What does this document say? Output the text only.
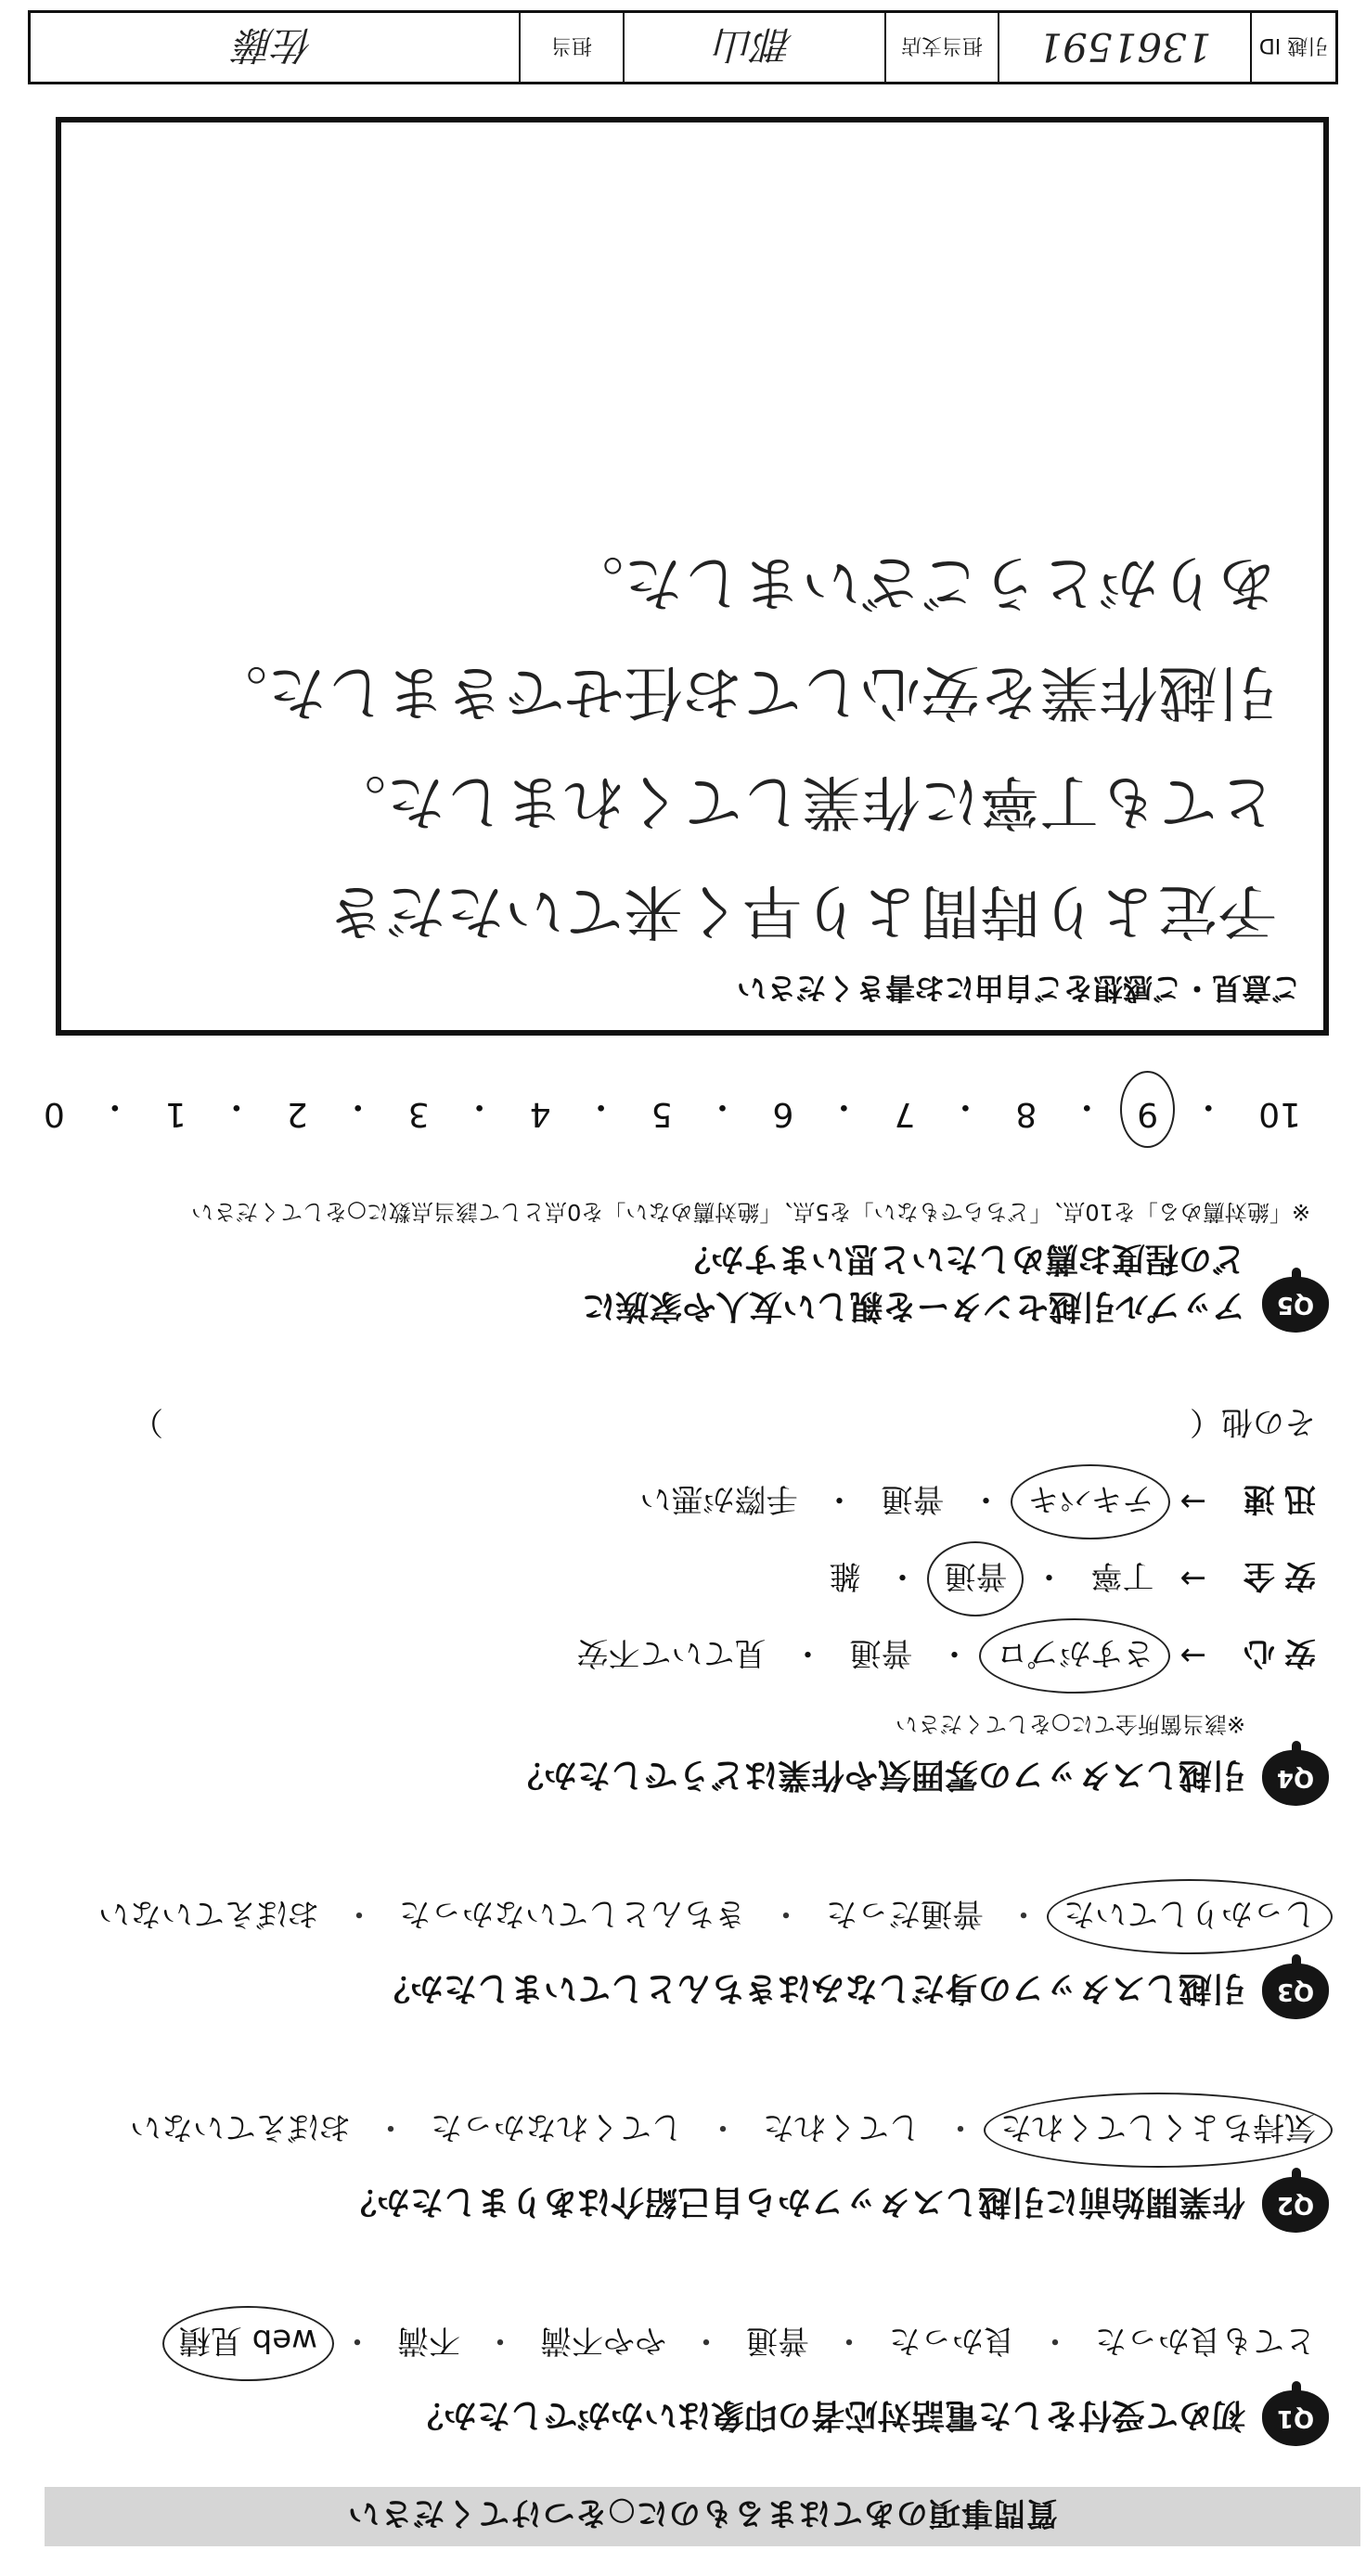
質問事項のあてはまるものに○をつけてください
Q1
初めて受付をした電話対応者の印象はいかがでしたか？
とても良かった
・
良かった
・
普通
・
やや不満
・
不満
・
web 見積
Q2
作業開始前に引越しスタッフから自己紹介はありましたか？
気持ちよくしてくれた
・
してくれた
・
してくれなかった
・
おぼえていない
Q3
引越しスタッフの身だしなみはきちんとしていましたか？
しっかりしていた
・
普通だった
・
きちんとしていなかった
・
おぼえていない
Q4
引越しスタッフの雰囲気や作業はどうでしたか？
※該当箇所全てに○をしてください
安心
→
さすがプロ
・
普通
・
見ていて不安
安全
→
丁寧
・
普通
・
雑
迅速
→
テキパキ
・
普通
・
手際が悪い
その他（
）
Q5
アップル引越センターを親しい友人や家族に
どの程度お薦めしたいと思いますか？
※「絶対薦める」を10点、「どちらでもない」を5点、「絶対薦めない」を0点として該当点数に○をしてください
10
・
9
・
8
・
7
・
6
・
5
・
4
・
3
・
2
・
1
・
0
ご意見・ご感想をご自由にお書きください
予定より時間より早く来ていただき
とても丁寧に作業してくれました。
引越作業を安心してお任せできました。
ありがとうございました。
引越 ID
1361591
担当支店
郡山
担当
佐藤
